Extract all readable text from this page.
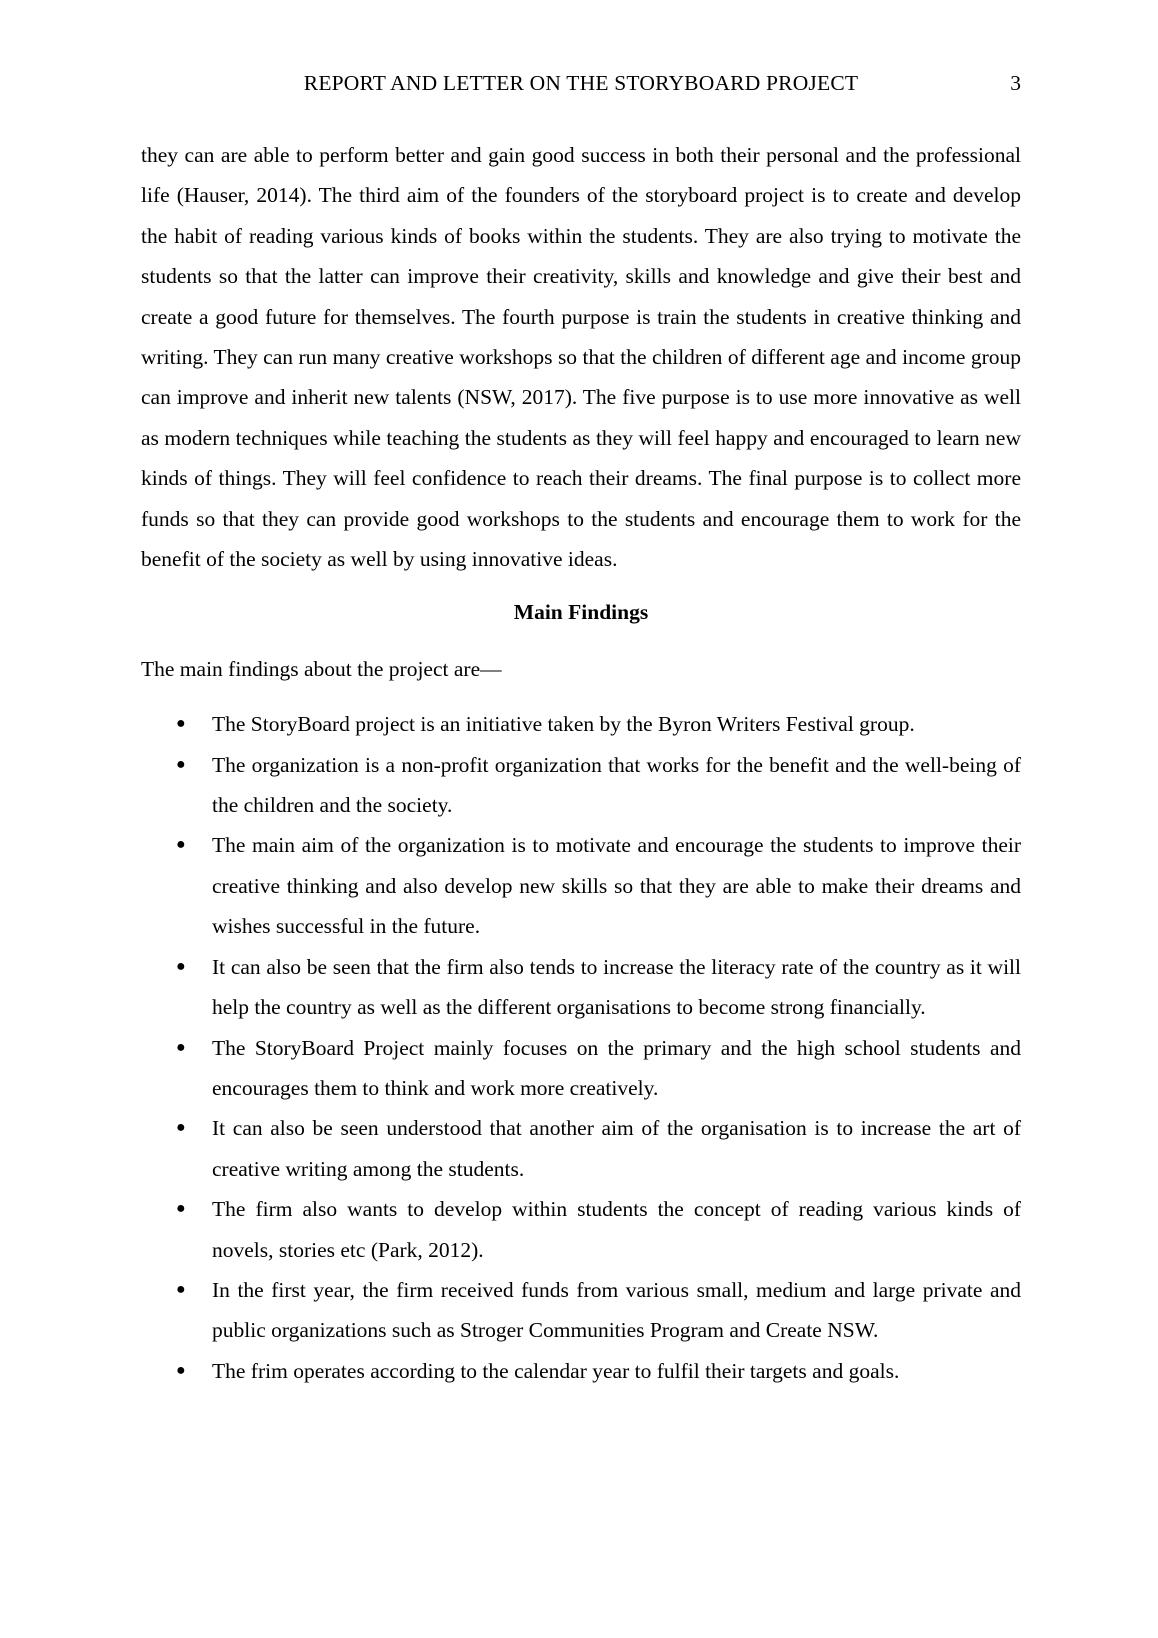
REPORT AND LETTER ON THE STORYBOARD PROJECT	3

they can are able to perform better and gain good success in both their personal and the professional life (Hauser, 2014). The third aim of the founders of the storyboard project is to create and develop the habit of reading various kinds of books within the students. They are also trying to motivate the students so that the latter can improve their creativity, skills and knowledge and give their best and create a good future for themselves. The fourth purpose is train the students in creative thinking and writing. They can run many creative workshops so that the children of different age and income group can improve and inherit new talents (NSW, 2017). The five purpose is to use more innovative as well as modern techniques while teaching the students as they will feel happy and encouraged to learn new kinds of things. They will feel confidence to reach their dreams. The final purpose is to collect more funds so that they can provide good workshops to the students and encourage them to work for the benefit of the society as well by using innovative ideas.

Main Findings

The main findings about the project are—

● The StoryBoard project is an initiative taken by the Byron Writers Festival group.
● The organization is a non-profit organization that works for the benefit and the well-being of the children and the society.
● The main aim of the organization is to motivate and encourage the students to improve their creative thinking and also develop new skills so that they are able to make their dreams and wishes successful in the future.
● It can also be seen that the firm also tends to increase the literacy rate of the country as it will help the country as well as the different organisations to become strong financially.
● The StoryBoard Project mainly focuses on the primary and the high school students and encourages them to think and work more creatively.
● It can also be seen understood that another aim of the organisation is to increase the art of creative writing among the students.
● The firm also wants to develop within students the concept of reading various kinds of novels, stories etc (Park, 2012).
● In the first year, the firm received funds from various small, medium and large private and public organizations such as Stroger Communities Program and Create NSW.
● The frim operates according to the calendar year to fulfil their targets and goals.
